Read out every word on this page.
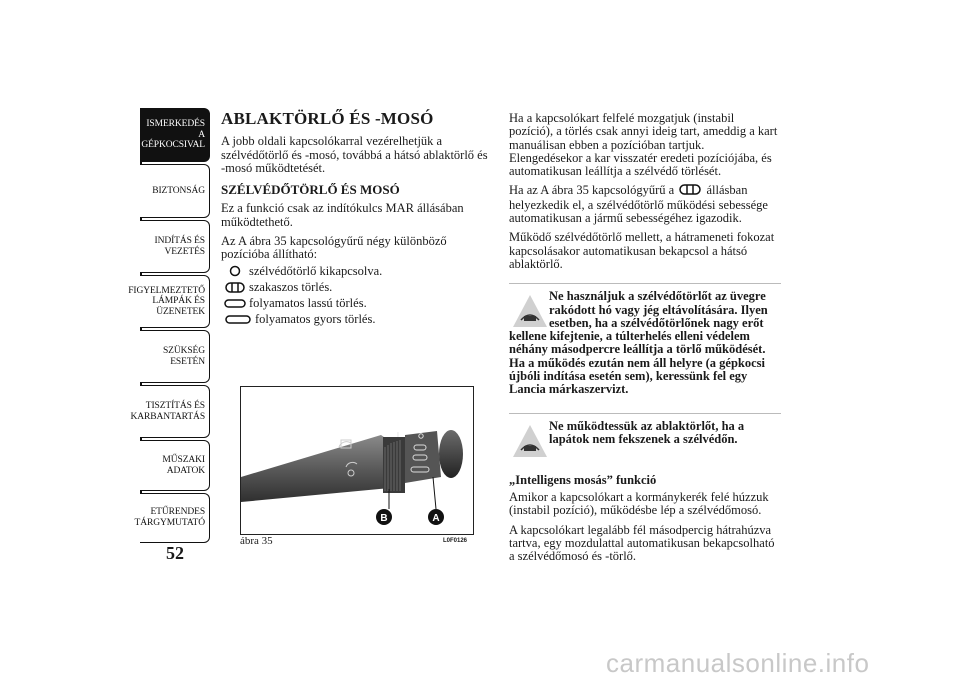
ISMERKEDÉS A
GÉPKOCSIVAL
BIZTONSÁG
INDÍTÁS ÉS
VEZETÉS
FIGYELMEZTETŐ
LÁMPÁK ÉS
ÜZENETEK
SZÜKSÉG ESETÉN
TISZTÍTÁS ÉS
KARBANTARTÁS
MŰSZAKI ADATOK
ETŰRENDES
TÁRGYMUTATÓ
52
ABLAKTÖRLŐ ÉS -MOSÓ

A jobb oldali kapcsolókarral vezérelhetjük a szélvédőtörlő és -mosó, továbbá a hátsó ablaktörlő és -mosó működtetését.

SZÉLVÉDŐTÖRLŐ ÉS MOSÓ

Ez a funkció csak az indítókulcs MAR állásában működtethető.

Az A ábra 35 kapcsológyűrű négy különböző pozícióba állítható:

szélvédőtörlő kikapcsolva.
szakaszos törlés.
folyamatos lassú törlés.
folyamatos gyors törlés.
I
B	A
ábra 35	L0F0126

Ha a kapcsolókart felfelé mozgatjuk (instabil pozíció), a törlés csak annyi ideig tart, ameddig a kart manuálisan ebben a pozícióban tartjuk. Elengedésekor a kar visszatér eredeti pozíciójába, és automatikusan leállítja a szélvédő törlését.

Ha az A ábra 35 kapcsológyűrű a	állásban helyezkedik el, a szélvédőtörlő működési sebessége automatikusan a jármű sebességéhez igazodik.

Működő szélvédőtörlő mellett, a hátrameneti fokozat kapcsolásakor automatikusan bekapcsol a hátsó ablaktörlő.

Ne használjuk a szélvédőtörlőt az üvegre rakódott hó vagy jég eltávolítására. Ilyen esetben, ha a szélvédőtörlőnek nagy erőt
kellene kifejtenie, a túlterhelés elleni védelem néhány másodpercre leállítja a törlő működését. Ha a működés ezután nem áll helyre (a gépkocsi újbóli indítása esetén sem), keressünk fel egy Lancia márkaszervizt.
Ne működtessük az ablaktörlőt, ha a lapátok nem fekszenek a szélvédőn.

„Intelligens mosás” funkció

Amikor a kapcsolókart a kormánykerék felé húzzuk (instabil pozíció), működésbe lép a szélvédőmosó.

A kapcsolókart legalább fél másodpercig hátrahúzva tartva, egy mozdulattal automatikusan bekapcsolható a szélvédőmosó és -törlő.

carmanualsonline.info
